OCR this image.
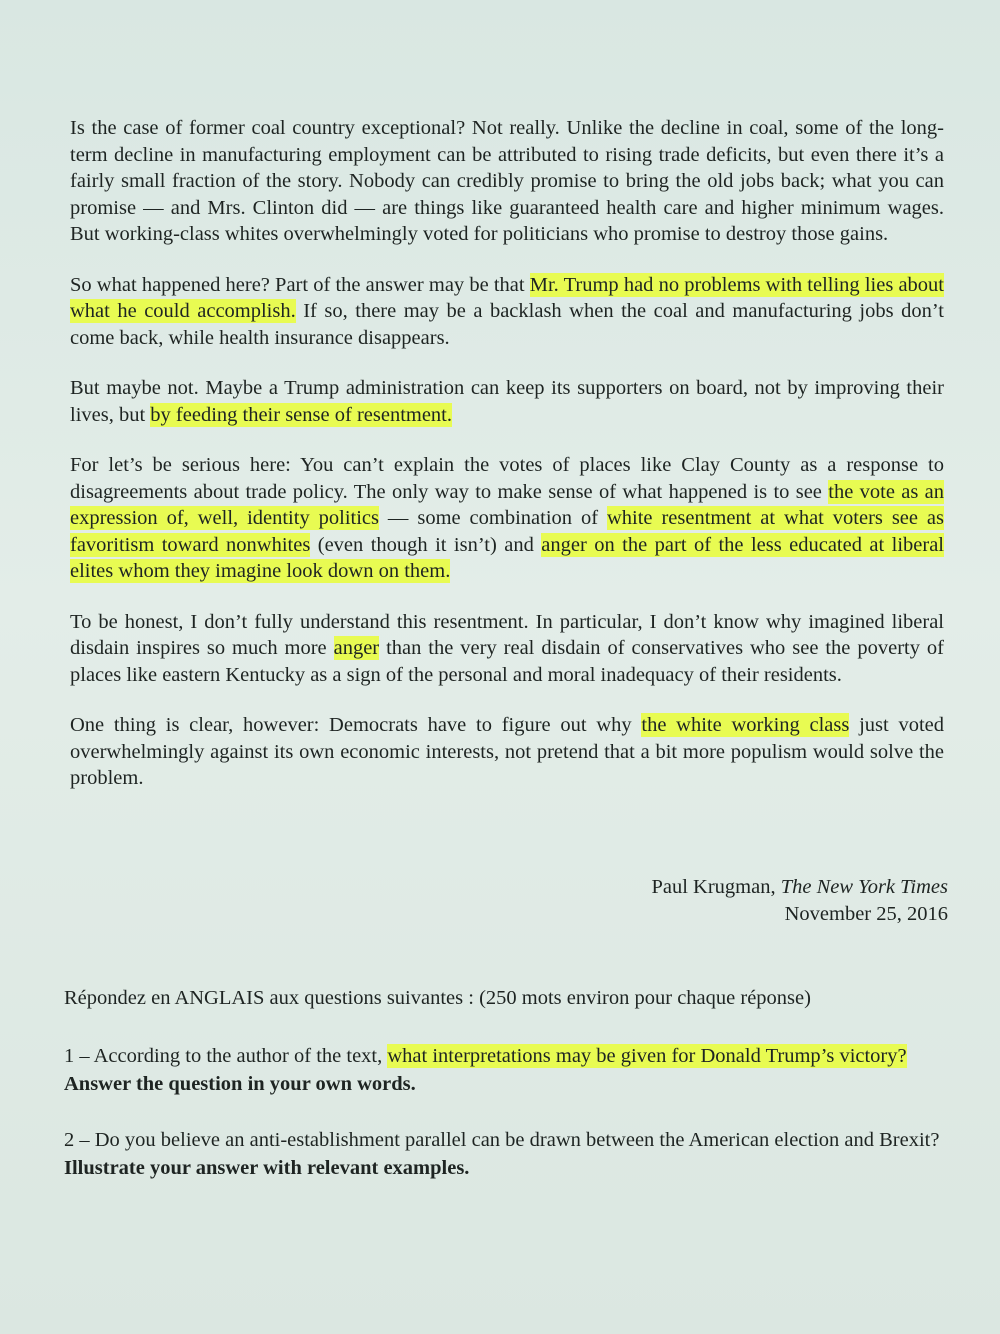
Is the case of former coal country exceptional? Not really. Unlike the decline in coal, some of the long-term decline in manufacturing employment can be attributed to rising trade deficits, but even there it’s a fairly small fraction of the story. Nobody can credibly promise to bring the old jobs back; what you can promise — and Mrs. Clinton did — are things like guaranteed health care and higher minimum wages. But working-class whites overwhelmingly voted for politicians who promise to destroy those gains.

So what happened here? Part of the answer may be that Mr. Trump had no problems with telling lies about what he could accomplish. If so, there may be a backlash when the coal and manufacturing jobs don’t come back, while health insurance disappears.

But maybe not. Maybe a Trump administration can keep its supporters on board, not by improving their lives, but by feeding their sense of resentment.

For let’s be serious here: You can’t explain the votes of places like Clay County as a response to disagreements about trade policy. The only way to make sense of what happened is to see the vote as an expression of, well, identity politics — some combination of white resentment at what voters see as favoritism toward nonwhites (even though it isn’t) and anger on the part of the less educated at liberal elites whom they imagine look down on them.

To be honest, I don’t fully understand this resentment. In particular, I don’t know why imagined liberal disdain inspires so much more anger than the very real disdain of conservatives who see the poverty of places like eastern Kentucky as a sign of the personal and moral inadequacy of their residents.

One thing is clear, however: Democrats have to figure out why the white working class just voted overwhelmingly against its own economic interests, not pretend that a bit more populism would solve the problem.

Paul Krugman, The New York Times
November 25, 2016

Répondez en ANGLAIS aux questions suivantes : (250 mots environ pour chaque réponse)

1 – According to the author of the text, what interpretations may be given for Donald Trump’s victory? Answer the question in your own words.

2 – Do you believe an anti-establishment parallel can be drawn between the American election and Brexit? Illustrate your answer with relevant examples.
